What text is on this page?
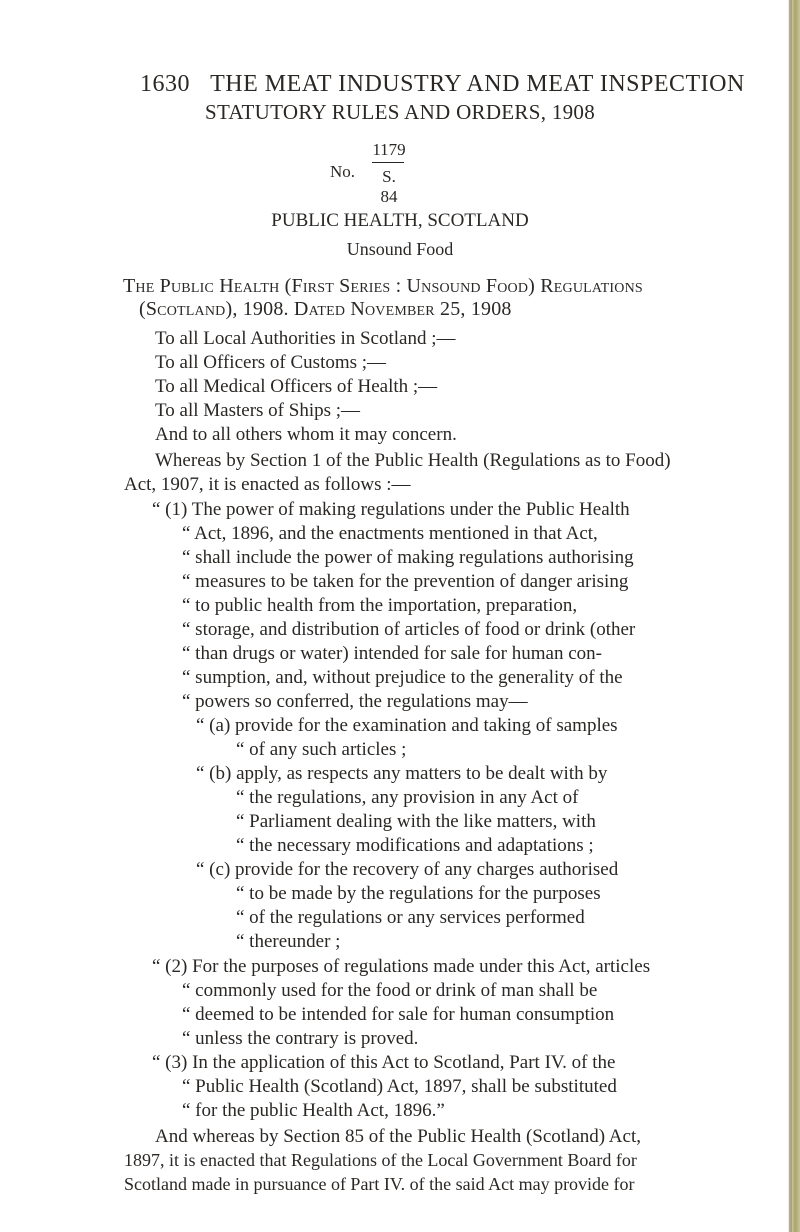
1630 THE MEAT INDUSTRY AND MEAT INSPECTION
STATUTORY RULES AND ORDERS, 1908
No.
1179
S. 84
PUBLIC HEALTH, SCOTLAND
Unsound Food
The Public Health (First Series : Unsound Food) Regulations
(Scotland), 1908. Dated November 25, 1908
To all Local Authorities in Scotland ;—
To all Officers of Customs ;—
To all Medical Officers of Health ;—
To all Masters of Ships ;—
And to all others whom it may concern.
Whereas by Section 1 of the Public Health (Regulations as to Food)
Act, 1907, it is enacted as follows :—
“ (1) The power of making regulations under the Public Health
“ Act, 1896, and the enactments mentioned in that Act,
“ shall include the power of making regulations authorising
“ measures to be taken for the prevention of danger arising
“ to public health from the importation, preparation,
“ storage, and distribution of articles of food or drink (other
“ than drugs or water) intended for sale for human con-
“ sumption, and, without prejudice to the generality of the
“ powers so conferred, the regulations may—
“ (a) provide for the examination and taking of samples
“ of any such articles ;
“ (b) apply, as respects any matters to be dealt with by
“ the regulations, any provision in any Act of
“ Parliament dealing with the like matters, with
“ the necessary modifications and adaptations ;
“ (c) provide for the recovery of any charges authorised
“ to be made by the regulations for the purposes
“ of the regulations or any services performed
“ thereunder ;
“ (2) For the purposes of regulations made under this Act, articles
“ commonly used for the food or drink of man shall be
“ deemed to be intended for sale for human consumption
“ unless the contrary is proved.
“ (3) In the application of this Act to Scotland, Part IV. of the
“ Public Health (Scotland) Act, 1897, shall be substituted
“ for the public Health Act, 1896.”
And whereas by Section 85 of the Public Health (Scotland) Act,
1897, it is enacted that Regulations of the Local Government Board for
Scotland made in pursuance of Part IV. of the said Act may provide for
